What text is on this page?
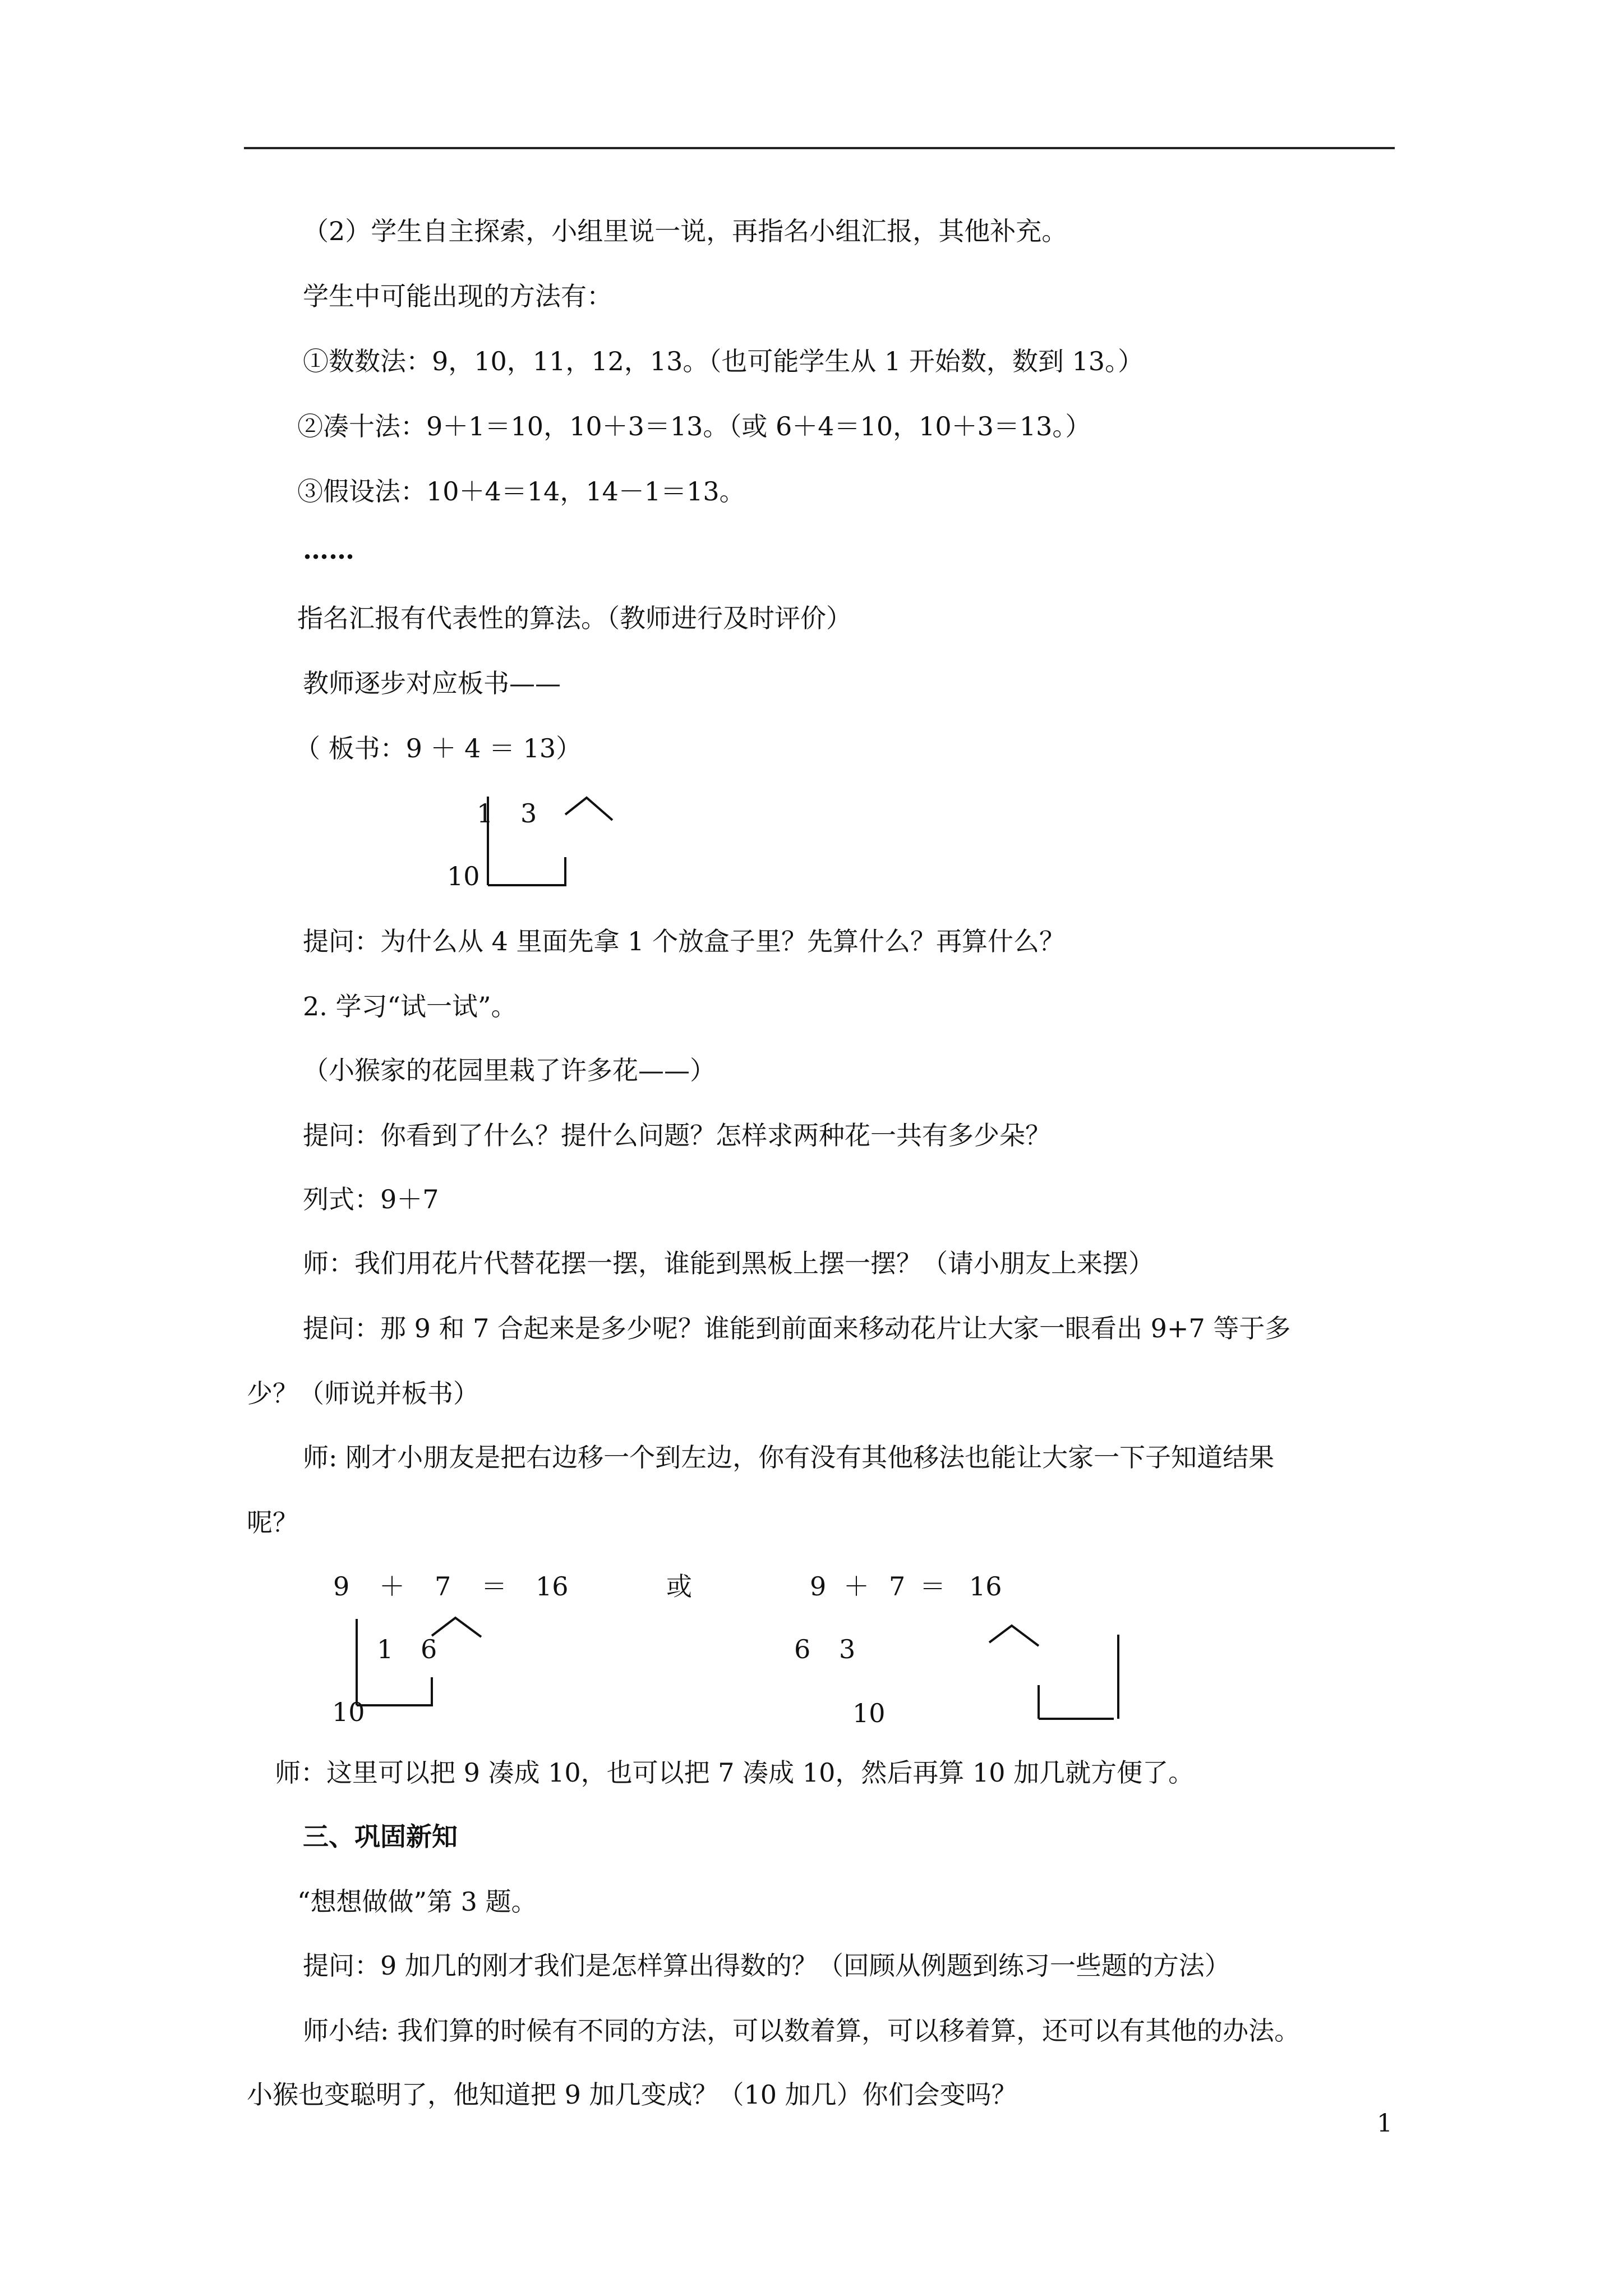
（2）学生自主探索，小组里说一说，再指名小组汇报，其他补充。
学生中可能出现的方法有：
①数数法：9，10，11，12，13。（也可能学生从 1 开始数，数到 13。）
②凑十法：9＋1＝10，10＋3＝13。（或 6＋4＝10，10＋3＝13。）
③假设法：10＋4＝14，14－1＝13。
……
指名汇报有代表性的算法。（教师进行及时评价）
教师逐步对应板书——
（ 板书：9 ＋ 4 ＝ 13）
1 3
10
提问：为什么从 4 里面先拿 1 个放盒子里？先算什么？再算什么？
2. 学习“试一试”。
（小猴家的花园里栽了许多花——）
提问：你看到了什么？提什么问题？怎样求两种花一共有多少朵？
列式：9＋7
师：我们用花片代替花摆一摆，谁能到黑板上摆一摆？（请小朋友上来摆）
提问：那 9 和 7 合起来是多少呢？谁能到前面来移动花片让大家一眼看出 9+7 等于多
少？（师说并板书）
师: 刚才小朋友是把右边移一个到左边，你有没有其他移法也能让大家一下子知道结果
呢？
9 ＋ 7 ＝ 16
1 6
10
或	9 ＋ 7 ＝ 16
6 3
10
师：这里可以把 9 凑成 10，也可以把 7 凑成 10，然后再算 10 加几就方便了。
三、巩固新知
“想想做做”第 3 题。
提问：9 加几的刚才我们是怎样算出得数的？（回顾从例题到练习一些题的方法）
师小结: 我们算的时候有不同的方法，可以数着算，可以移着算，还可以有其他的办法。
小猴也变聪明了，他知道把 9 加几变成？（10 加几）你们会变吗？
1
